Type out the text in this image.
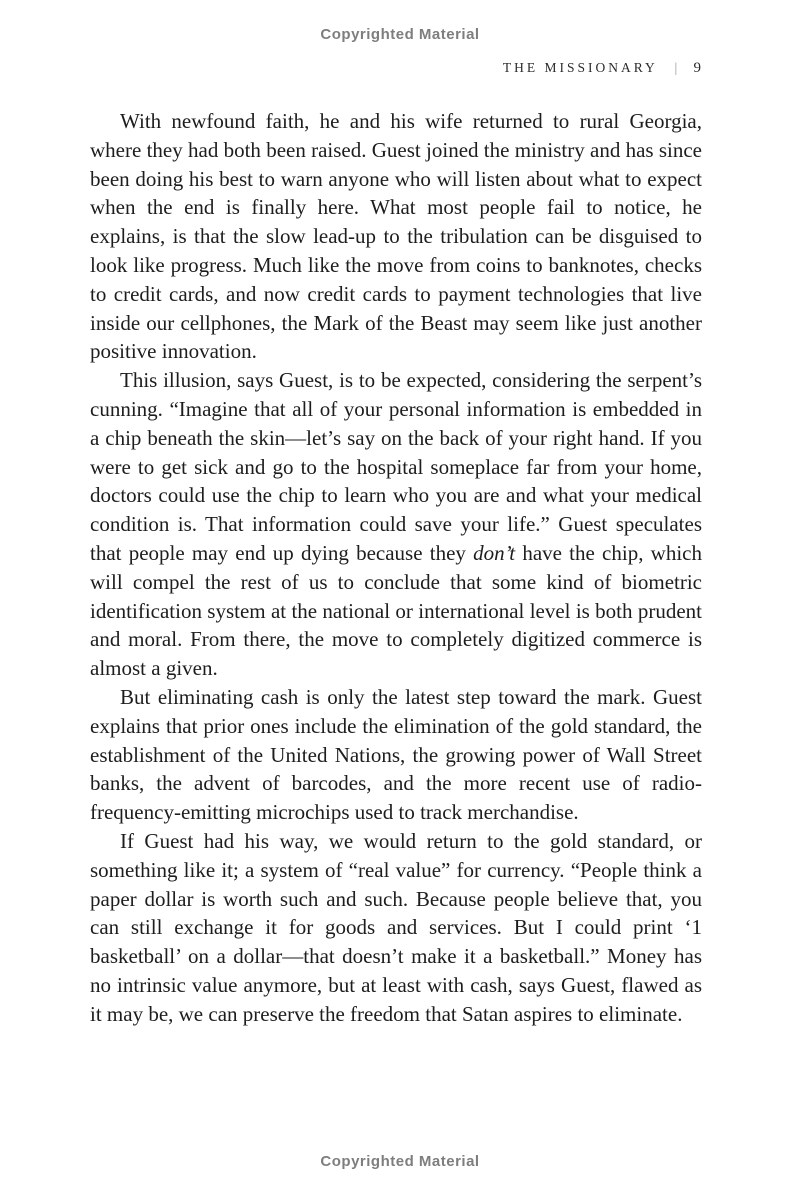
Copyrighted Material
THE MISSIONARY | 9

With newfound faith, he and his wife returned to rural Georgia, where they had both been raised. Guest joined the ministry and has since been doing his best to warn anyone who will listen about what to expect when the end is finally here. What most people fail to notice, he explains, is that the slow lead-up to the tribulation can be disguised to look like progress. Much like the move from coins to banknotes, checks to credit cards, and now credit cards to payment technologies that live inside our cellphones, the Mark of the Beast may seem like just another positive innovation.

This illusion, says Guest, is to be expected, considering the serpent’s cunning. “Imagine that all of your personal information is embedded in a chip beneath the skin—let’s say on the back of your right hand. If you were to get sick and go to the hospital someplace far from your home, doctors could use the chip to learn who you are and what your medical condition is. That information could save your life.” Guest speculates that people may end up dying because they don’t have the chip, which will compel the rest of us to conclude that some kind of biometric identification system at the national or international level is both prudent and moral. From there, the move to completely digitized commerce is almost a given.

But eliminating cash is only the latest step toward the mark. Guest explains that prior ones include the elimination of the gold standard, the establishment of the United Nations, the growing power of Wall Street banks, the advent of barcodes, and the more recent use of radio-frequency-emitting microchips used to track merchandise.

If Guest had his way, we would return to the gold standard, or something like it; a system of “real value” for currency. “People think a paper dollar is worth such and such. Because people believe that, you can still exchange it for goods and services. But I could print ‘1 basketball’ on a dollar—that doesn’t make it a basketball.” Money has no intrinsic value anymore, but at least with cash, says Guest, flawed as it may be, we can preserve the freedom that Satan aspires to eliminate.

Copyrighted Material
